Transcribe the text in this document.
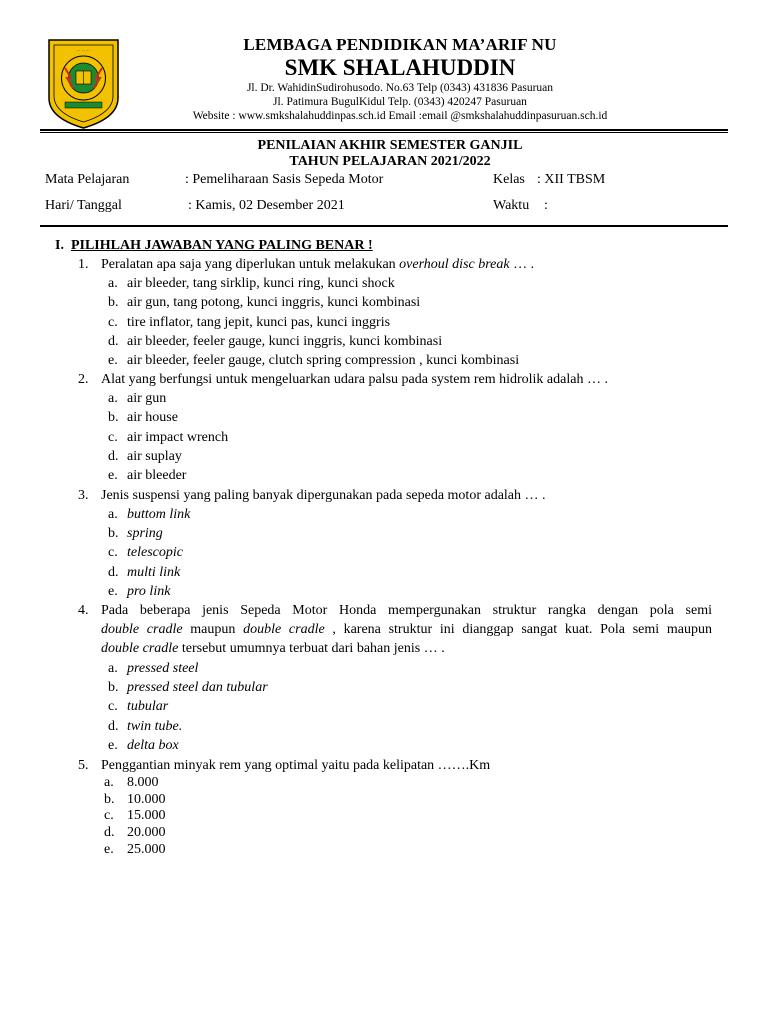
· · · · · ·	LEMBAGA PENDIDIKAN MA’ARIF NU
SMK SHALAHUDDIN
Jl. Dr. WahidinSudirohusodo. No.63 Telp (0343) 431836 Pasuruan
Jl. Patimura BugulKidul Telp. (0343) 420247 Pasuruan
Website : www.smkshalahuddinpas.sch.id Email :email @smkshalahuddinpasuruan.sch.id
PENILAIAN AKHIR SEMESTER GANJIL
TAHUN PELAJARAN 2021/2022
Mata Pelajaran	: Pemeliharaan Sasis Sepeda Motor	Kelas : XII TBSM
Hari/ Tanggal	: Kamis, 02 Desember 2021	Waktu :
I. PILIHLAH JAWABAN YANG PALING BENAR !
1. Peralatan apa saja yang diperlukan untuk melakukan overhoul disc break … .
a. air bleeder, tang sirklip, kunci ring, kunci shock
b. air gun, tang potong, kunci inggris, kunci kombinasi
c. tire inflator, tang jepit, kunci pas, kunci inggris
d. air bleeder, feeler gauge, kunci inggris, kunci kombinasi
e. air bleeder, feeler gauge, clutch spring compression , kunci kombinasi
2. Alat yang berfungsi untuk mengeluarkan udara palsu pada system rem hidrolik adalah … .
a. air gun
b. air house
c. air impact wrench
d. air suplay
e. air bleeder
3. Jenis suspensi yang paling banyak dipergunakan pada sepeda motor adalah … .
a. buttom link
b. spring
c. telescopic
d. multi link
e. pro link
4. Pada beberapa jenis Sepeda Motor Honda mempergunakan struktur rangka dengan pola semi
double cradle maupun double cradle , karena struktur ini dianggap sangat kuat. Pola semi maupun
double cradle tersebut umumnya terbuat dari bahan jenis … .
a. pressed steel
b. pressed steel dan tubular
c. tubular
d. twin tube.
e. delta box
5. Penggantian minyak rem yang optimal yaitu pada kelipatan …….Km
a. 8.000
b. 10.000
c. 15.000
d. 20.000
e. 25.000
